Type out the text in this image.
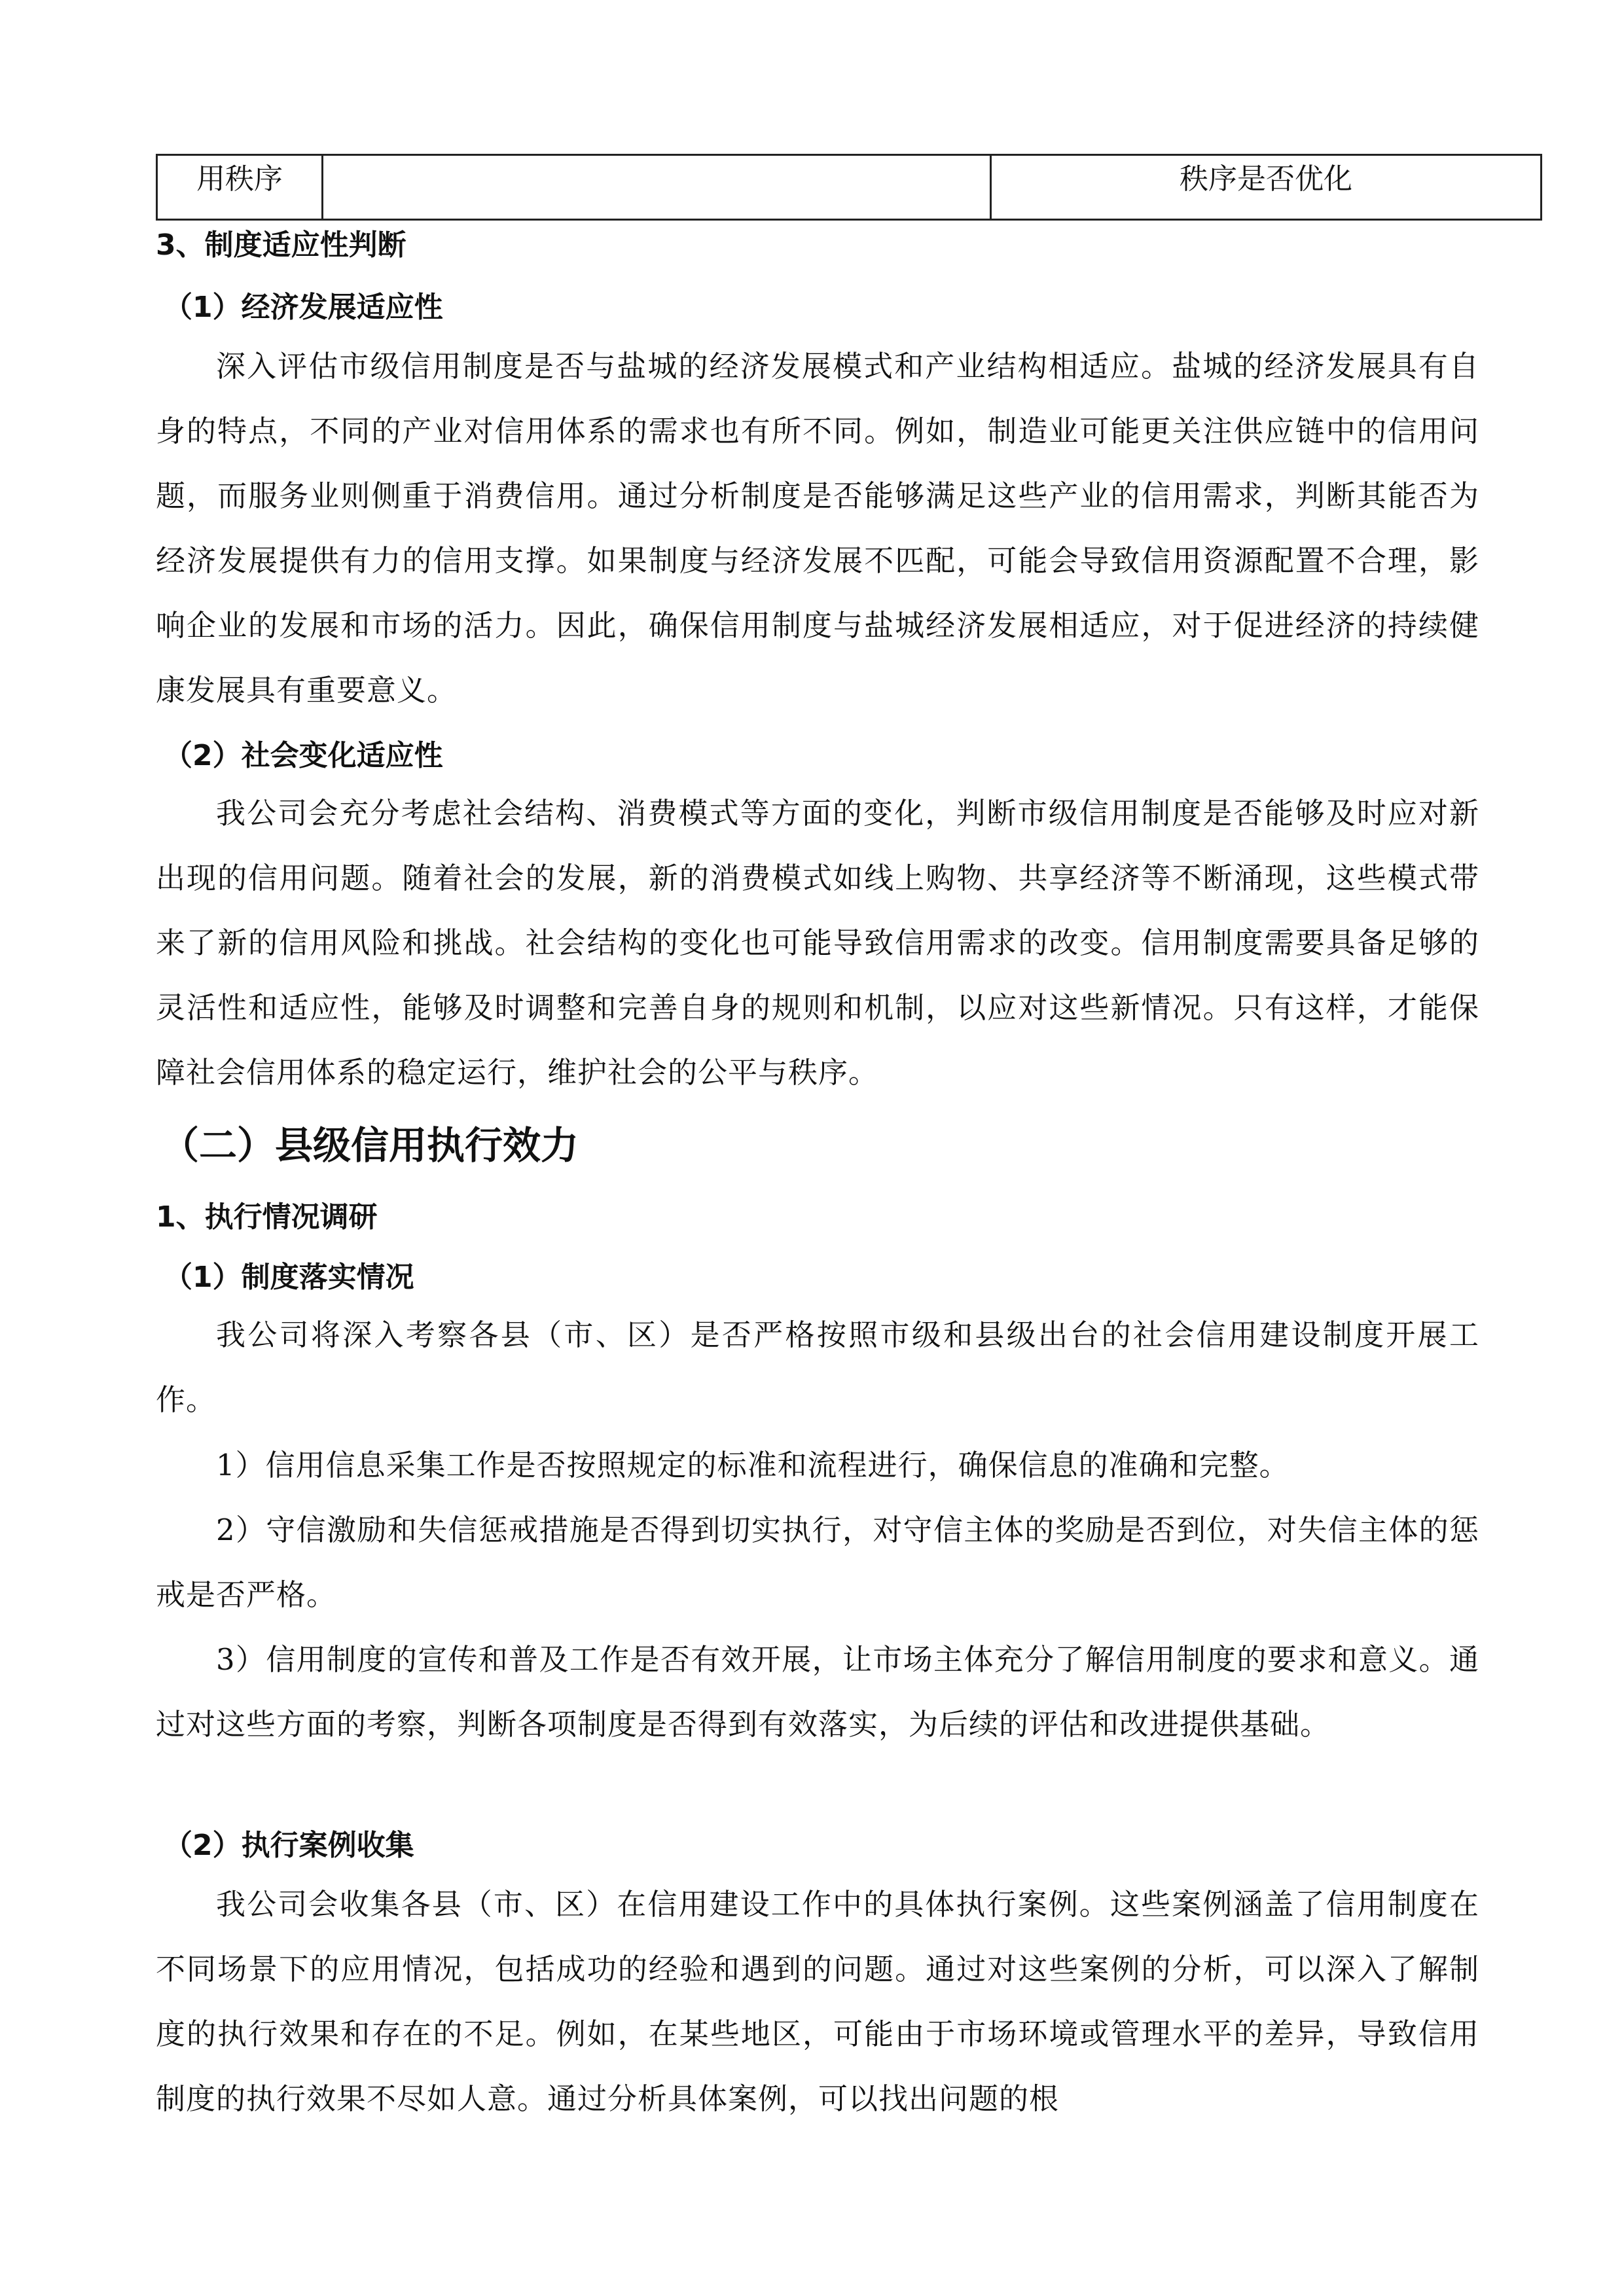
用秩序		秩序是否优化

3、制度适应性判断

（1）经济发展适应性

深入评估市级信用制度是否与盐城的经济发展模式和产业结构相适应。盐城的经济发展具有自身的特点，不同的产业对信用体系的需求也有所不同。例如，制造业可能更关注供应链中的信用问题，而服务业则侧重于消费信用。通过分析制度是否能够满足这些产业的信用需求，判断其能否为经济发展提供有力的信用支撑。如果制度与经济发展不匹配，可能会导致信用资源配置不合理，影响企业的发展和市场的活力。因此，确保信用制度与盐城经济发展相适应，对于促进经济的持续健康发展具有重要意义。

（2）社会变化适应性

我公司会充分考虑社会结构、消费模式等方面的变化，判断市级信用制度是否能够及时应对新出现的信用问题。随着社会的发展，新的消费模式如线上购物、共享经济等不断涌现，这些模式带来了新的信用风险和挑战。社会结构的变化也可能导致信用需求的改变。信用制度需要具备足够的灵活性和适应性，能够及时调整和完善自身的规则和机制，以应对这些新情况。只有这样，才能保障社会信用体系的稳定运行，维护社会的公平与秩序。

（二）县级信用执行效力

1、执行情况调研

（1）制度落实情况

我公司将深入考察各县（市、区）是否严格按照市级和县级出台的社会信用建设制度开展工作。

1）信用信息采集工作是否按照规定的标准和流程进行，确保信息的准确和完整。

2）守信激励和失信惩戒措施是否得到切实执行，对守信主体的奖励是否到位，对失信主体的惩戒是否严格。

3）信用制度的宣传和普及工作是否有效开展，让市场主体充分了解信用制度的要求和意义。通过对这些方面的考察，判断各项制度是否得到有效落实，为后续的评估和改进提供基础。

（2）执行案例收集

我公司会收集各县（市、区）在信用建设工作中的具体执行案例。这些案例涵盖了信用制度在不同场景下的应用情况，包括成功的经验和遇到的问题。通过对这些案例的分析，可以深入了解制度的执行效果和存在的不足。例如，在某些地区，可能由于市场环境或管理水平的差异，导致信用制度的执行效果不尽如人意。通过分析具体案例，可以找出问题的根
